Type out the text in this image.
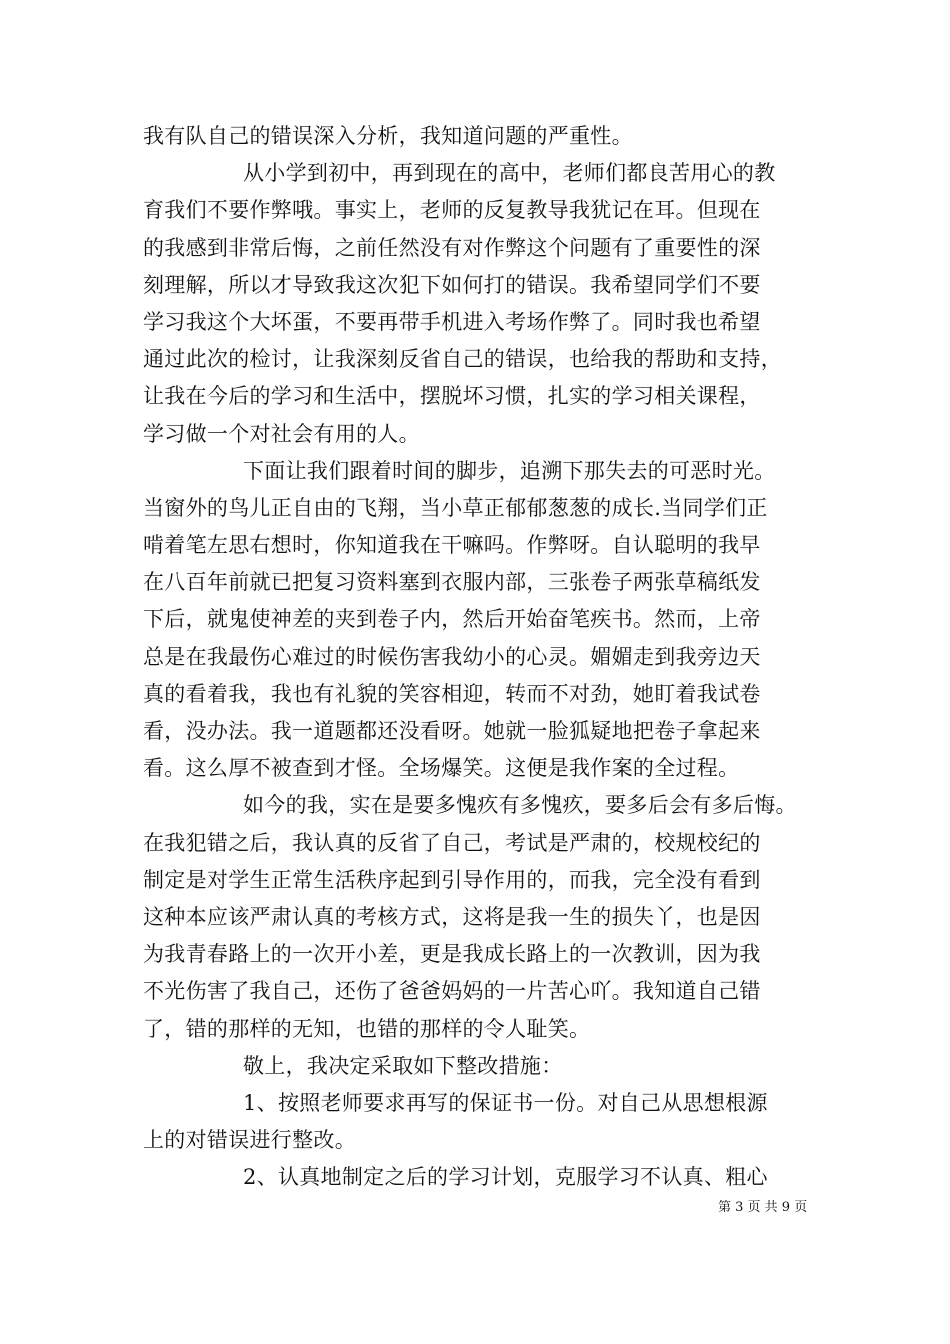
我有队自己的错误深入分析，我知道问题的严重性。
从小学到初中，再到现在的高中，老师们都良苦用心的教
育我们不要作弊哦。事实上，老师的反复教导我犹记在耳。但现在
的我感到非常后悔，之前任然没有对作弊这个问题有了重要性的深
刻理解，所以才导致我这次犯下如何打的错误。我希望同学们不要
学习我这个大坏蛋，不要再带手机进入考场作弊了。同时我也希望
通过此次的检讨，让我深刻反省自己的错误，也给我的帮助和支持，
让我在今后的学习和生活中，摆脱坏习惯，扎实的学习相关课程，
学习做一个对社会有用的人。
下面让我们跟着时间的脚步，追溯下那失去的可恶时光。
当窗外的鸟儿正自由的飞翔，当小草正郁郁葱葱的成长.当同学们正
啃着笔左思右想时，你知道我在干嘛吗。作弊呀。自认聪明的我早
在八百年前就已把复习资料塞到衣服内部，三张卷子两张草稿纸发
下后，就鬼使神差的夹到卷子内，然后开始奋笔疾书。然而，上帝
总是在我最伤心难过的时候伤害我幼小的心灵。媚媚走到我旁边天
真的看着我，我也有礼貌的笑容相迎，转而不对劲，她盯着我试卷
看，没办法。我一道题都还没看呀。她就一脸狐疑地把卷子拿起来
看。这么厚不被查到才怪。全场爆笑。这便是我作案的全过程。
如今的我，实在是要多愧疚有多愧疚，要多后会有多后悔。
在我犯错之后，我认真的反省了自己，考试是严肃的，校规校纪的
制定是对学生正常生活秩序起到引导作用的，而我，完全没有看到
这种本应该严肃认真的考核方式，这将是我一生的损失丫，也是因
为我青春路上的一次开小差，更是我成长路上的一次教训，因为我
不光伤害了我自己，还伤了爸爸妈妈的一片苦心吖。我知道自己错
了，错的那样的无知，也错的那样的令人耻笑。
敬上，我决定采取如下整改措施：
1、按照老师要求再写的保证书一份。对自己从思想根源
上的对错误进行整改。
2、认真地制定之后的学习计划，克服学习不认真、粗心
第 3 页 共 9 页
